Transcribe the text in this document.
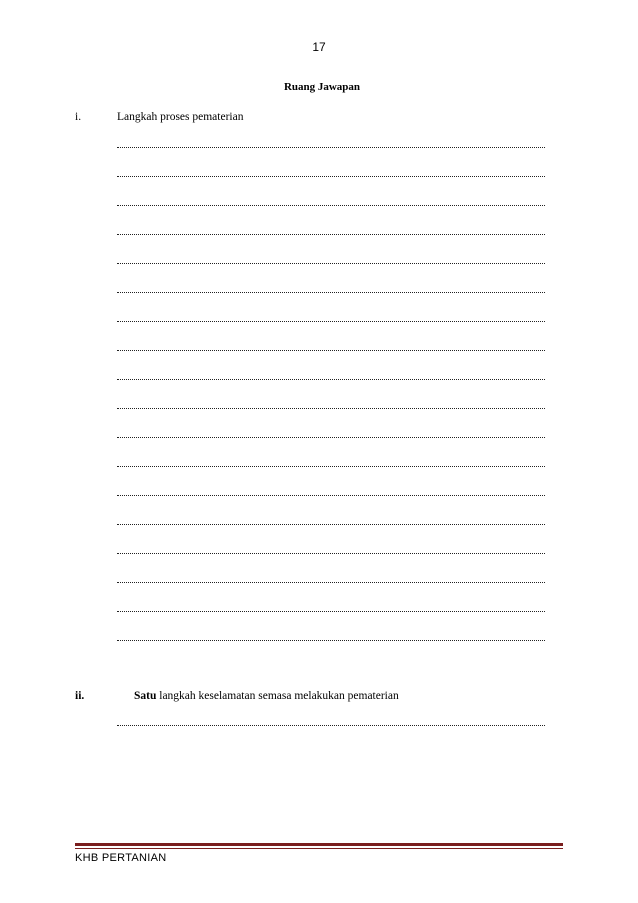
17
Ruang Jawapan
i.	Langkah proses pematerian
ii.	Satu langkah keselamatan semasa melakukan pematerian
KHB PERTANIAN
